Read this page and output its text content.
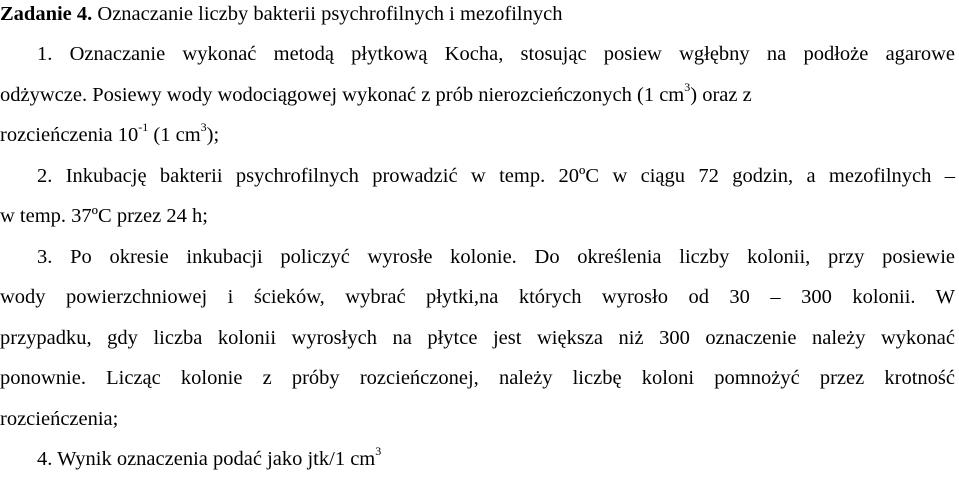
Zadanie 4. Oznaczanie liczby bakterii psychrofilnych i mezofilnych
1. Oznaczanie wykonać metodą płytkową Kocha, stosując posiew wgłębny na podłoże agarowe
odżywcze. Posiewy wody wodociągowej wykonać z prób nierozcieńczonych (1 $cm^3$) oraz z
rozcieńczenia $10^{-1}$ (1 $cm^3$);
2. Inkubację bakterii psychrofilnych prowadzić w temp. 20ºC w ciągu 72 godzin, a mezofilnych –
w temp. 37ºC przez 24 h;
3. Po okresie inkubacji policzyć wyrosłe kolonie. Do określenia liczby kolonii, przy posiewie
wody powierzchniowej i ścieków, wybrać płytki,na których wyrosło od 30 – 300 kolonii. W
przypadku, gdy liczba kolonii wyrosłych na płytce jest większa niż 300 oznaczenie należy wykonać
ponownie. Licząc kolonie z próby rozcieńczonej, należy liczbę koloni pomnożyć przez krotność
rozcieńczenia;
4. Wynik oznaczenia podać jako jtk/1 $cm^3$
